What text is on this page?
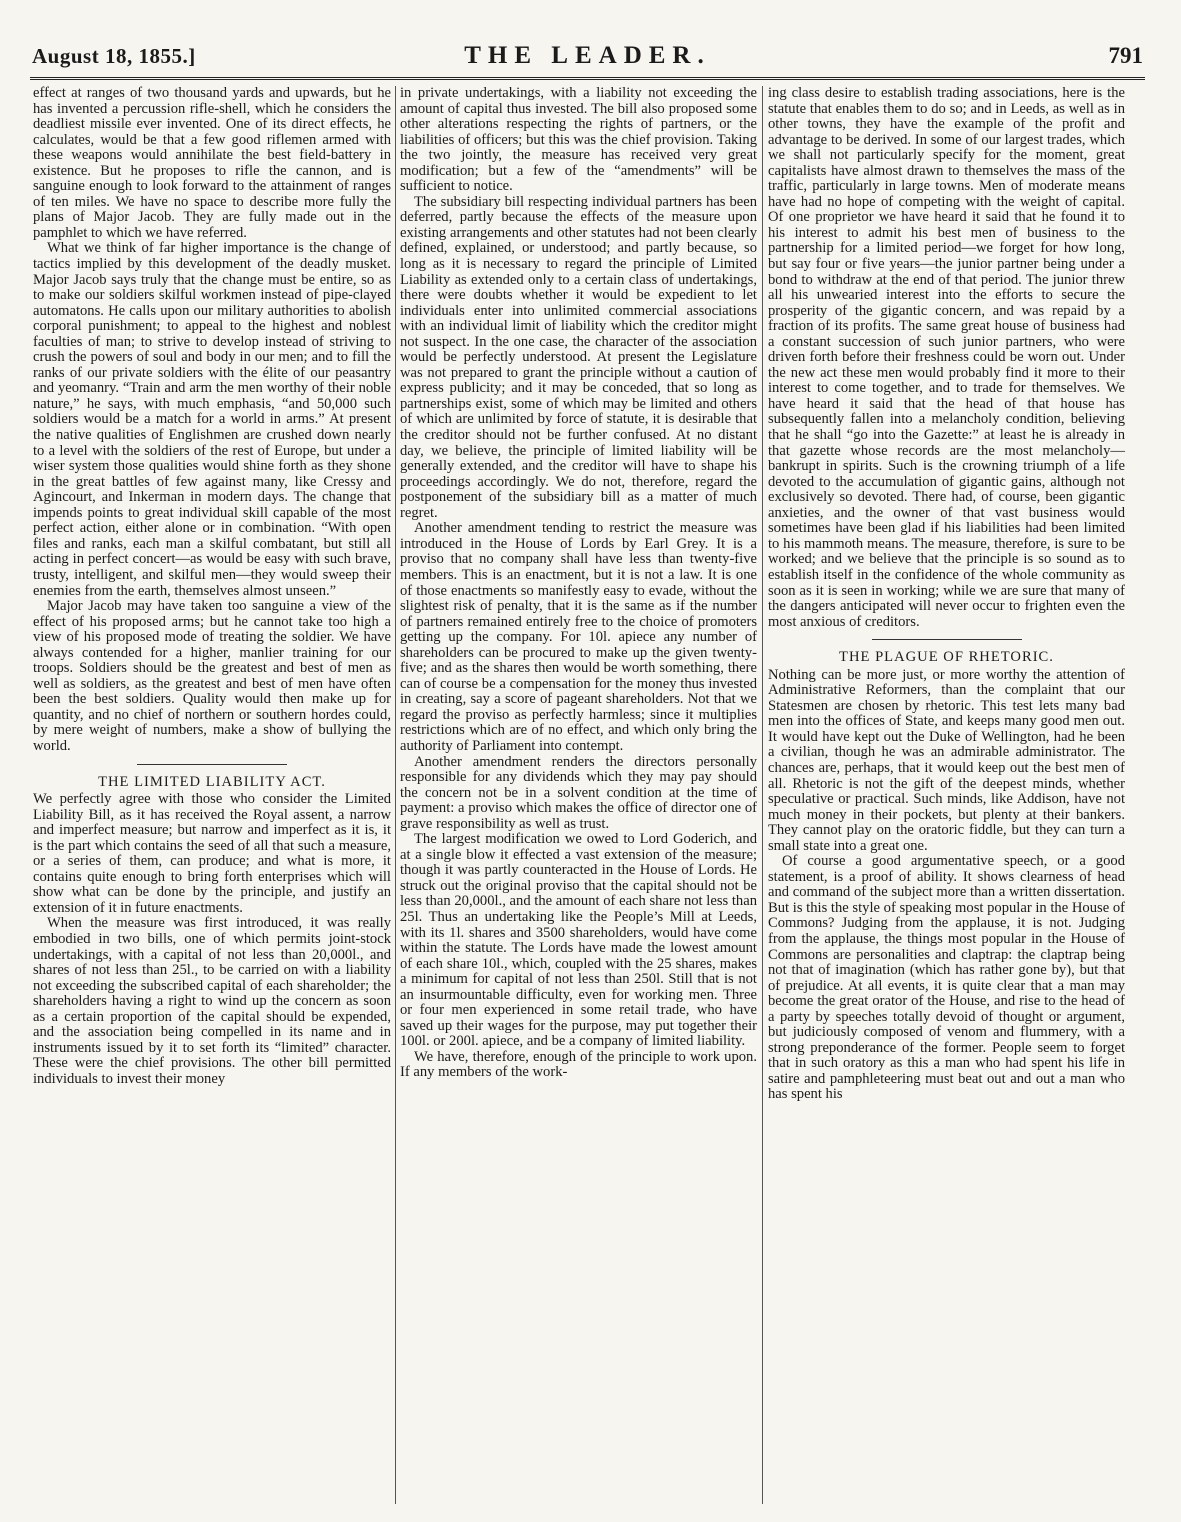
August 18, 1855.]	THE LEADER.	791

effect at ranges of two thousand yards and upwards, but he has invented a percussion rifle-shell, which he considers the deadliest missile ever invented. One of its direct effects, he calculates, would be that a few good riflemen armed with these weapons would annihilate the best field-battery in existence. But he proposes to rifle the cannon, and is sanguine enough to look forward to the attainment of ranges of ten miles. We have no space to describe more fully the plans of Major Jacob. They are fully made out in the pamphlet to which we have referred.

What we think of far higher importance is the change of tactics implied by this development of the deadly musket. Major Jacob says truly that the change must be entire, so as to make our soldiers skilful workmen instead of pipe-clayed automatons. He calls upon our military authorities to abolish corporal punishment; to appeal to the highest and noblest faculties of man; to strive to develop instead of striving to crush the powers of soul and body in our men; and to fill the ranks of our private soldiers with the élite of our peasantry and yeomanry. “Train and arm the men worthy of their noble nature,” he says, with much emphasis, “and 50,000 such soldiers would be a match for a world in arms.” At present the native qualities of Englishmen are crushed down nearly to a level with the soldiers of the rest of Europe, but under a wiser system those qualities would shine forth as they shone in the great battles of few against many, like Cressy and Agincourt, and Inkerman in modern days. The change that impends points to great individual skill capable of the most perfect action, either alone or in combination. “With open files and ranks, each man a skilful combatant, but still all acting in perfect concert—as would be easy with such brave, trusty, intelligent, and skilful men—they would sweep their enemies from the earth, themselves almost unseen.”

Major Jacob may have taken too sanguine a view of the effect of his proposed arms; but he cannot take too high a view of his proposed mode of treating the soldier. We have always contended for a higher, manlier training for our troops. Soldiers should be the greatest and best of men as well as soldiers, as the greatest and best of men have often been the best soldiers. Quality would then make up for quantity, and no chief of northern or southern hordes could, by mere weight of numbers, make a show of bullying the world.

THE LIMITED LIABILITY ACT.

We perfectly agree with those who consider the Limited Liability Bill, as it has received the Royal assent, a narrow and imperfect measure; but narrow and imperfect as it is, it is the part which contains the seed of all that such a measure, or a series of them, can produce; and what is more, it contains quite enough to bring forth enterprises which will show what can be done by the principle, and justify an extension of it in future enactments.

When the measure was first introduced, it was really embodied in two bills, one of which permits joint-stock undertakings, with a capital of not less than 20,000l., and shares of not less than 25l., to be carried on with a liability not exceeding the subscribed capital of each shareholder; the shareholders having a right to wind up the concern as soon as a certain proportion of the capital should be expended, and the association being compelled in its name and in instruments issued by it to set forth its “limited” character. These were the chief provisions. The other bill permitted individuals to invest their money

in private undertakings, with a liability not exceeding the amount of capital thus invested. The bill also proposed some other alterations respecting the rights of partners, or the liabilities of officers; but this was the chief provision. Taking the two jointly, the measure has received very great modification; but a few of the “amendments” will be sufficient to notice.

The subsidiary bill respecting individual partners has been deferred, partly because the effects of the measure upon existing arrangements and other statutes had not been clearly defined, explained, or understood; and partly because, so long as it is necessary to regard the principle of Limited Liability as extended only to a certain class of undertakings, there were doubts whether it would be expedient to let individuals enter into unlimited commercial associations with an individual limit of liability which the creditor might not suspect. In the one case, the character of the association would be perfectly understood. At present the Legislature was not prepared to grant the principle without a caution of express publicity; and it may be conceded, that so long as partnerships exist, some of which may be limited and others of which are unlimited by force of statute, it is desirable that the creditor should not be further confused. At no distant day, we believe, the principle of limited liability will be generally extended, and the creditor will have to shape his proceedings accordingly. We do not, therefore, regard the postponement of the subsidiary bill as a matter of much regret.

Another amendment tending to restrict the measure was introduced in the House of Lords by Earl Grey. It is a proviso that no company shall have less than twenty-five members. This is an enactment, but it is not a law. It is one of those enactments so manifestly easy to evade, without the slightest risk of penalty, that it is the same as if the number of partners remained entirely free to the choice of promoters getting up the company. For 10l. apiece any number of shareholders can be procured to make up the given twenty-five; and as the shares then would be worth something, there can of course be a compensation for the money thus invested in creating, say a score of pageant shareholders. Not that we regard the proviso as perfectly harmless; since it multiplies restrictions which are of no effect, and which only bring the authority of Parliament into contempt.

Another amendment renders the directors personally responsible for any dividends which they may pay should the concern not be in a solvent condition at the time of payment: a proviso which makes the office of director one of grave responsibility as well as trust.

The largest modification we owed to Lord Goderich, and at a single blow it effected a vast extension of the measure; though it was partly counteracted in the House of Lords. He struck out the original proviso that the capital should not be less than 20,000l., and the amount of each share not less than 25l. Thus an undertaking like the People’s Mill at Leeds, with its 1l. shares and 3500 shareholders, would have come within the statute. The Lords have made the lowest amount of each share 10l., which, coupled with the 25 shares, makes a minimum for capital of not less than 250l. Still that is not an insurmountable difficulty, even for working men. Three or four men experienced in some retail trade, who have saved up their wages for the purpose, may put together their 100l. or 200l. apiece, and be a company of limited liability.

We have, therefore, enough of the principle to work upon. If any members of the work-

ing class desire to establish trading associations, here is the statute that enables them to do so; and in Leeds, as well as in other towns, they have the example of the profit and advantage to be derived. In some of our largest trades, which we shall not particularly specify for the moment, great capitalists have almost drawn to themselves the mass of the traffic, particularly in large towns. Men of moderate means have had no hope of competing with the weight of capital. Of one proprietor we have heard it said that he found it to his interest to admit his best men of business to the partnership for a limited period—we forget for how long, but say four or five years—the junior partner being under a bond to withdraw at the end of that period. The junior threw all his unwearied interest into the efforts to secure the prosperity of the gigantic concern, and was repaid by a fraction of its profits. The same great house of business had a constant succession of such junior partners, who were driven forth before their freshness could be worn out. Under the new act these men would probably find it more to their interest to come together, and to trade for themselves. We have heard it said that the head of that house has subsequently fallen into a melancholy condition, believing that he shall “go into the Gazette:” at least he is already in that gazette whose records are the most melancholy—bankrupt in spirits. Such is the crowning triumph of a life devoted to the accumulation of gigantic gains, although not exclusively so devoted. There had, of course, been gigantic anxieties, and the owner of that vast business would sometimes have been glad if his liabilities had been limited to his mammoth means. The measure, therefore, is sure to be worked; and we believe that the principle is so sound as to establish itself in the confidence of the whole community as soon as it is seen in working; while we are sure that many of the dangers anticipated will never occur to frighten even the most anxious of creditors.

THE PLAGUE OF RHETORIC.

Nothing can be more just, or more worthy the attention of Administrative Reformers, than the complaint that our Statesmen are chosen by rhetoric. This test lets many bad men into the offices of State, and keeps many good men out. It would have kept out the Duke of Wellington, had he been a civilian, though he was an admirable administrator. The chances are, perhaps, that it would keep out the best men of all. Rhetoric is not the gift of the deepest minds, whether speculative or practical. Such minds, like Addison, have not much money in their pockets, but plenty at their bankers. They cannot play on the oratoric fiddle, but they can turn a small state into a great one.

Of course a good argumentative speech, or a good statement, is a proof of ability. It shows clearness of head and command of the subject more than a written dissertation. But is this the style of speaking most popular in the House of Commons? Judging from the applause, it is not. Judging from the applause, the things most popular in the House of Commons are personalities and claptrap: the claptrap being not that of imagination (which has rather gone by), but that of prejudice. At all events, it is quite clear that a man may become the great orator of the House, and rise to the head of a party by speeches totally devoid of thought or argument, but judiciously composed of venom and flummery, with a strong preponderance of the former. People seem to forget that in such oratory as this a man who had spent his life in satire and pamphleteering must beat out and out a man who has spent his
